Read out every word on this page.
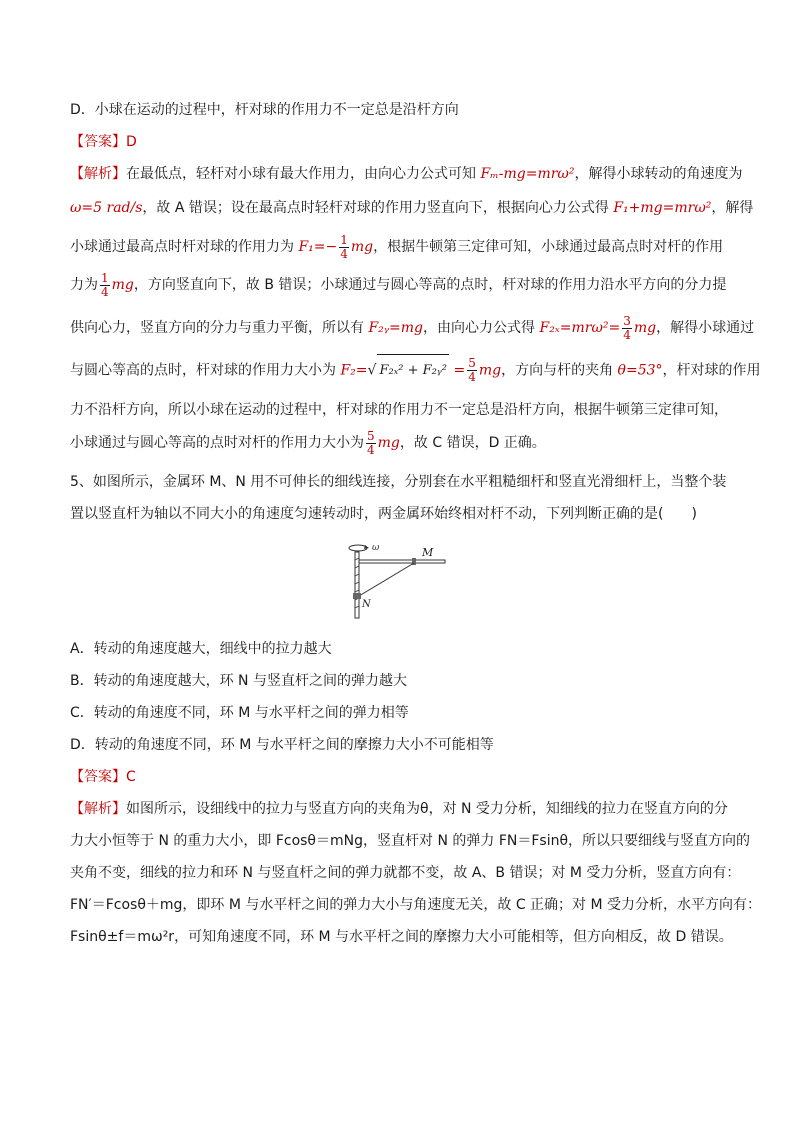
D．小球在运动的过程中，杆对球的作用力不一定总是沿杆方向
【答案】D
【解析】在最低点，轻杆对小球有最大作用力，由向心力公式可知 Fₘ-mg=mrω²，解得小球转动的角速度为
ω=5 rad/s，故 A 错误；设在最高点时轻杆对球的作用力竖直向下，根据向心力公式得 F₁+mg=mrω²，解得
小球通过最高点时杆对球的作用力为 $F_1=- \frac{1}{4}$ mg，根据牛顿第三定律可知，小球通过最高点时对杆的作用
力为 $\frac{1}{4}$ mg，方向竖直向下，故 B 错误；小球通过与圆心等高的点时，杆对球的作用力沿水平方向的分力提
供向心力，竖直方向的分力与重力平衡，所以有 F₂ᵧ=mg，由向心力公式得 $F_{2x}=mr\omega^2= \frac{3}{4}$ mg，解得小球通过
与圆心等高的点时，杆对球的作用力大小为 F₂=√ F₂ₓ² + F₂ᵧ² = $\frac{5}{4}$ mg，方向与杆的夹角 θ=53°，杆对球的作用
力不沿杆方向，所以小球在运动的过程中，杆对球的作用力不一定总是沿杆方向，根据牛顿第三定律可知，
小球通过与圆心等高的点时对杆的作用力大小为 $\frac{5}{4}$ mg，故 C 错误，D 正确。
5、如图所示，金属环 M、N 用不可伸长的细线连接，分别套在水平粗糙细杆和竖直光滑细杆上，当整个装
置以竖直杆为轴以不同大小的角速度匀速转动时，两金属环始终相对杆不动，下列判断正确的是(　　)
ω	M
N
A．转动的角速度越大，细线中的拉力越大
B．转动的角速度越大，环 N 与竖直杆之间的弹力越大
C．转动的角速度不同，环 M 与水平杆之间的弹力相等
D．转动的角速度不同，环 M 与水平杆之间的摩擦力大小不可能相等
【答案】C
【解析】如图所示，设细线中的拉力与竖直方向的夹角为θ，对 N 受力分析，知细线的拉力在竖直方向的分
力大小恒等于 N 的重力大小，即 Fcosθ＝mNg，竖直杆对 N 的弹力 FN＝Fsinθ，所以只要细线与竖直方向的
夹角不变，细线的拉力和环 N 与竖直杆之间的弹力就都不变，故 A、B 错误；对 M 受力分析，竖直方向有：
FN′＝Fcosθ＋mg，即环 M 与水平杆之间的弹力大小与角速度无关，故 C 正确；对 M 受力分析，水平方向有：
Fsinθ±f＝mω²r，可知角速度不同，环 M 与水平杆之间的摩擦力大小可能相等，但方向相反，故 D 错误。
